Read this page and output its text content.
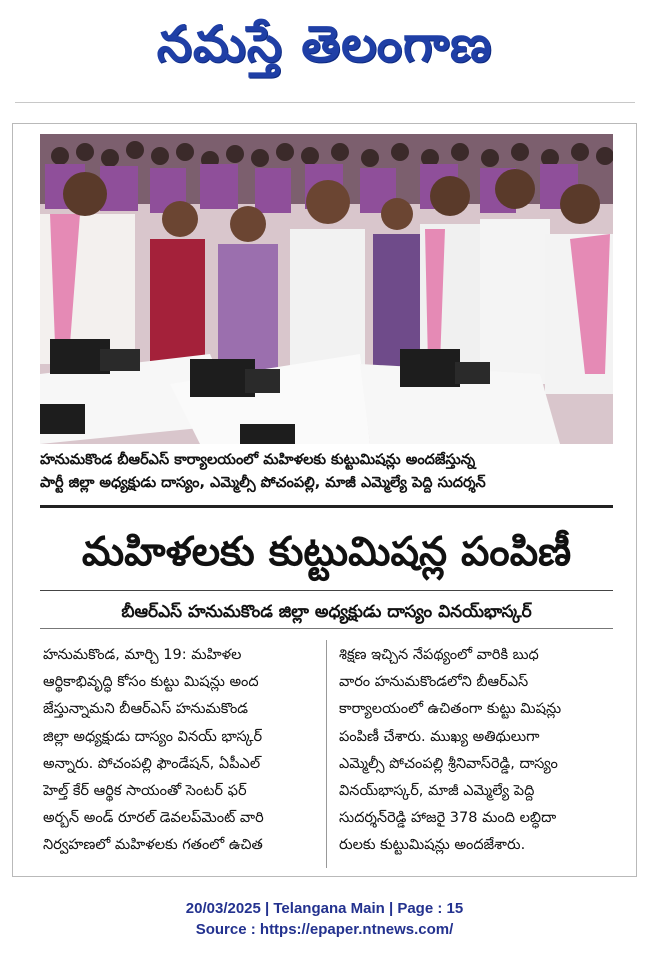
నమస్తే తెలంగాణ
హనుమకొండ బీఆర్ఎస్ కార్యాలయంలో మహిళలకు కుట్టుమిషన్లు అందజేస్తున్న
పార్టీ జిల్లా అధ్యక్షుడు దాస్యం, ఎమ్మెల్సీ పోచంపల్లి, మాజీ ఎమ్మెల్యే పెద్ది సుదర్శన్
మహిళలకు కుట్టుమిషన్ల పంపిణీ
బీఆర్ఎస్ హనుమకొండ జిల్లా అధ్యక్షుడు దాస్యం వినయ్‌భాస్కర్
హనుమకొండ, మార్చి 19: మహిళల
ఆర్థికాభివృద్ధి కోసం కుట్టు మిషన్లు అంద
జేస్తున్నామని బీఆర్ఎస్ హనుమకొండ
జిల్లా అధ్యక్షుడు దాస్యం వినయ్ భాస్కర్
అన్నారు. పోచంపల్లి ఫౌండేషన్, ఏపీఎల్
హెల్త్ కేర్ ఆర్థిక సాయంతో సెంటర్ ఫర్
అర్బన్ అండ్ రూరల్ డెవలప్‌మెంట్ వారి
నిర్వహణలో మహిళలకు గతంలో ఉచిత
శిక్షణ ఇచ్చిన నేపథ్యంలో వారికి బుధ
వారం హనుమకొండలోని బీఆర్ఎస్
కార్యాలయంలో ఉచితంగా కుట్టు మిషన్లు
పంపిణీ చేశారు. ముఖ్య అతిథులుగా
ఎమ్మెల్సీ పోచంపల్లి శ్రీనివాస్‌రెడ్డి, దాస్యం
వినయ్‌భాస్కర్, మాజీ ఎమ్మెల్యే పెద్ది
సుదర్శన్‌రెడ్డి హాజరై 378 మంది లబ్ధిదా
రులకు కుట్టుమిషన్లు అందజేశారు.
20/03/2025 | Telangana Main | Page : 15
Source : https://epaper.ntnews.com/
